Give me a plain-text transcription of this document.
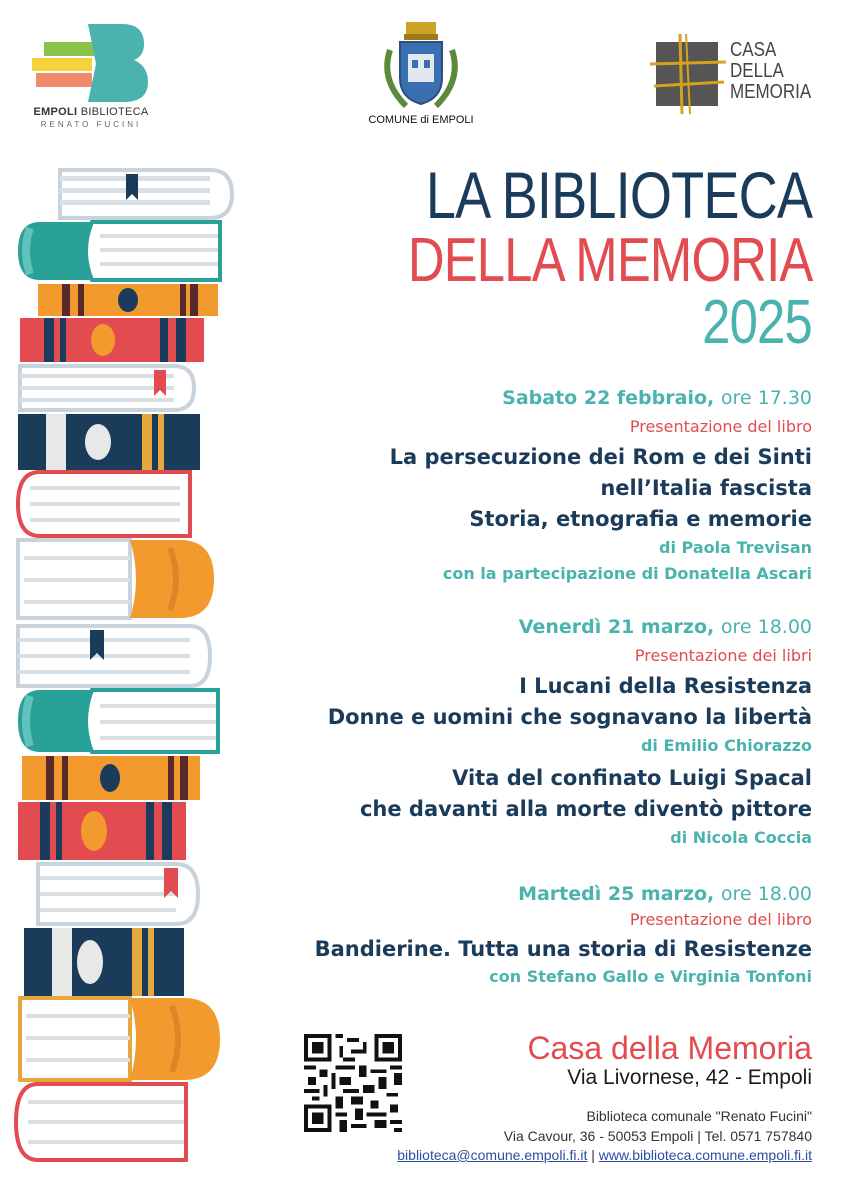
EMPOLI BIBLIOTECA
RENATO FUCINI	COMUNE di EMPOLI
CASA
DELLA
MEMORIA
LA BIBLIOTECA
DELLA MEMORIA
2025
Sabato 22 febbraio, ore 17.30
Presentazione del libro
La persecuzione dei Rom e dei Sinti
nell’Italia fascista
Storia, etnografia e memorie
di Paola Trevisan
con la partecipazione di Donatella Ascari
Venerdì 21 marzo, ore 18.00
Presentazione dei libri
I Lucani della Resistenza
Donne e uomini che sognavano la libertà
di Emilio Chiorazzo
Vita del confinato Luigi Spacal
che davanti alla morte diventò pittore
di Nicola Coccia
Martedì 25 marzo, ore 18.00
Presentazione del libro
Bandierine. Tutta una storia di Resistenze
con Stefano Gallo e Virginia Tonfoni
Casa della Memoria
Via Livornese, 42 - Empoli
Biblioteca comunale "Renato Fucini"
Via Cavour, 36 - 50053 Empoli | Tel. 0571 757840
biblioteca@comune.empoli.fi.it | www.biblioteca.comune.empoli.fi.it
